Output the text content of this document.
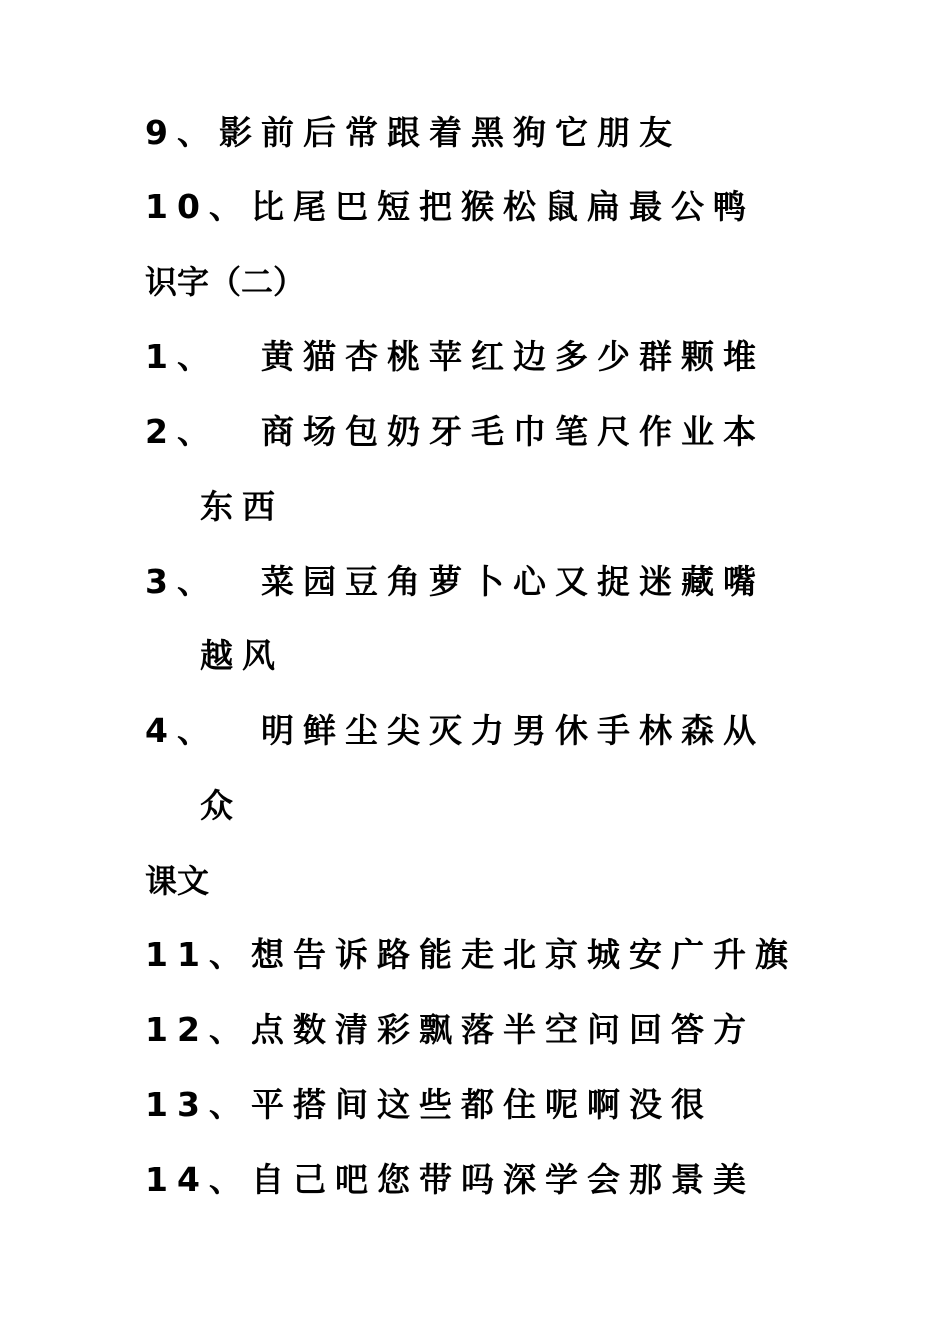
9、影前后常跟着黑狗它朋友
10、比尾巴短把猴松鼠扁最公鸭
识字（二）
1、 黄猫杏桃苹红边多少群颗堆
2、 商场包奶牙毛巾笔尺作业本
东西
3、 菜园豆角萝卜心又捉迷藏嘴
越风
4、 明鲜尘尖灭力男休手林森从
众
课文
11、想告诉路能走北京城安广升旗
12、点数清彩飘落半空问回答方
13、平搭间这些都住呢啊没很
14、自己吧您带吗深学会那景美
